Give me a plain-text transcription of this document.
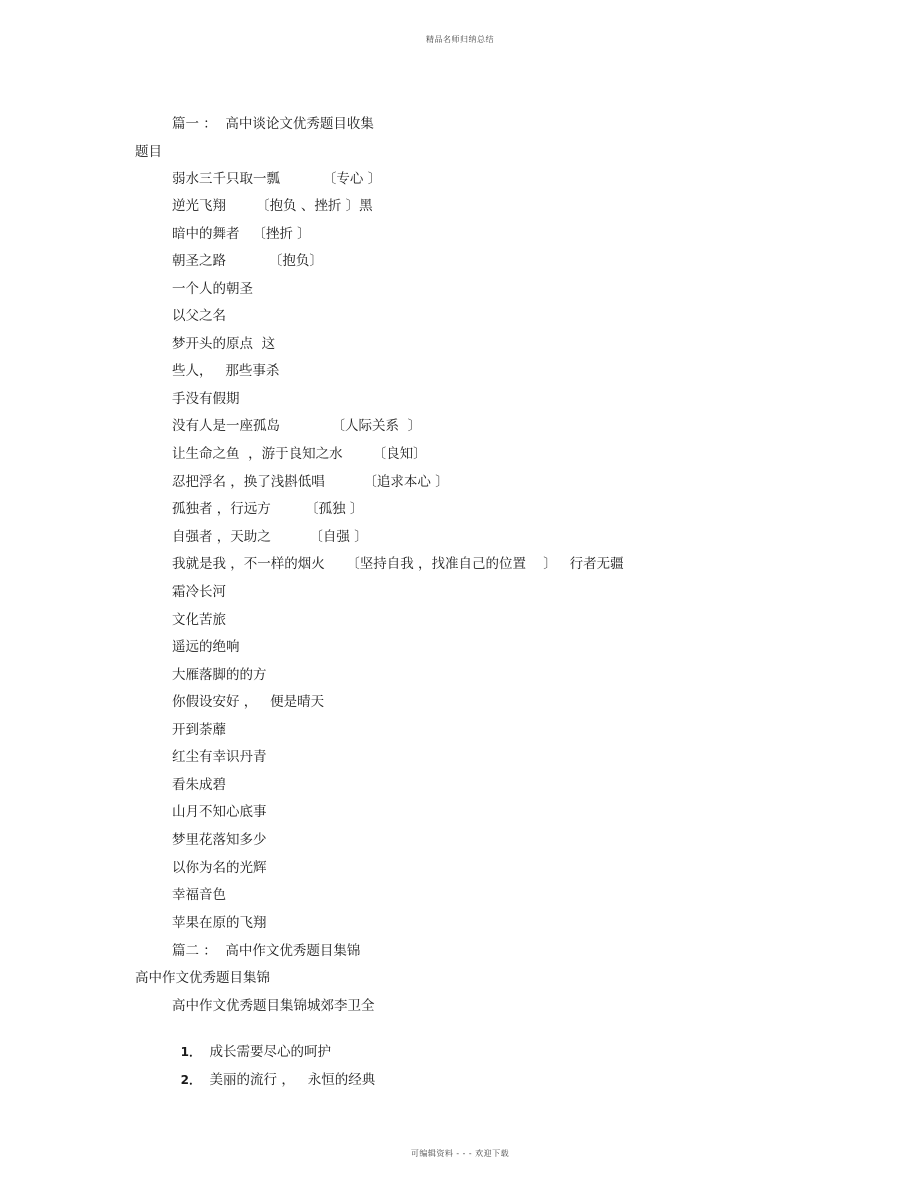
精品名师归纳总结
篇一 ：  高中谈论文优秀题目收集
题目
弱水三千只取一瓢          〔专心 〕
逆光飞翔       〔抱负 、挫折 〕黑
暗中的舞者   〔挫折 〕
朝圣之路          〔抱负〕
一个人的朝圣
以父之名
梦开头的原点  这
些人，   那些事杀
手没有假期
没有人是一座孤岛            〔人际关系  〕
让生命之鱼  ，游于良知之水       〔良知〕
忍把浮名 ，换了浅斟低唱         〔追求本心 〕
孤独者 ，行远方        〔孤独 〕
自强者 ，天助之         〔自强 〕
我就是我 ，不一样的烟火     〔坚持自我 ，找准自己的位置    〕   行者无疆
霜冷长河
文化苦旅
遥远的绝响
大雁落脚的的方
你假设安好 ，   便是晴天
开到荼蘼
红尘有幸识丹青
看朱成碧
山月不知心底事
梦里花落知多少
以你为名的光辉
幸福音色
苹果在原的飞翔
篇二 ：  高中作文优秀题目集锦
高中作文优秀题目集锦
高中作文优秀题目集锦城郊李卫全

1．  成长需要尽心的呵护

2．  美丽的流行 ，   永恒的经典

可编辑资料 - - - 欢迎下载
